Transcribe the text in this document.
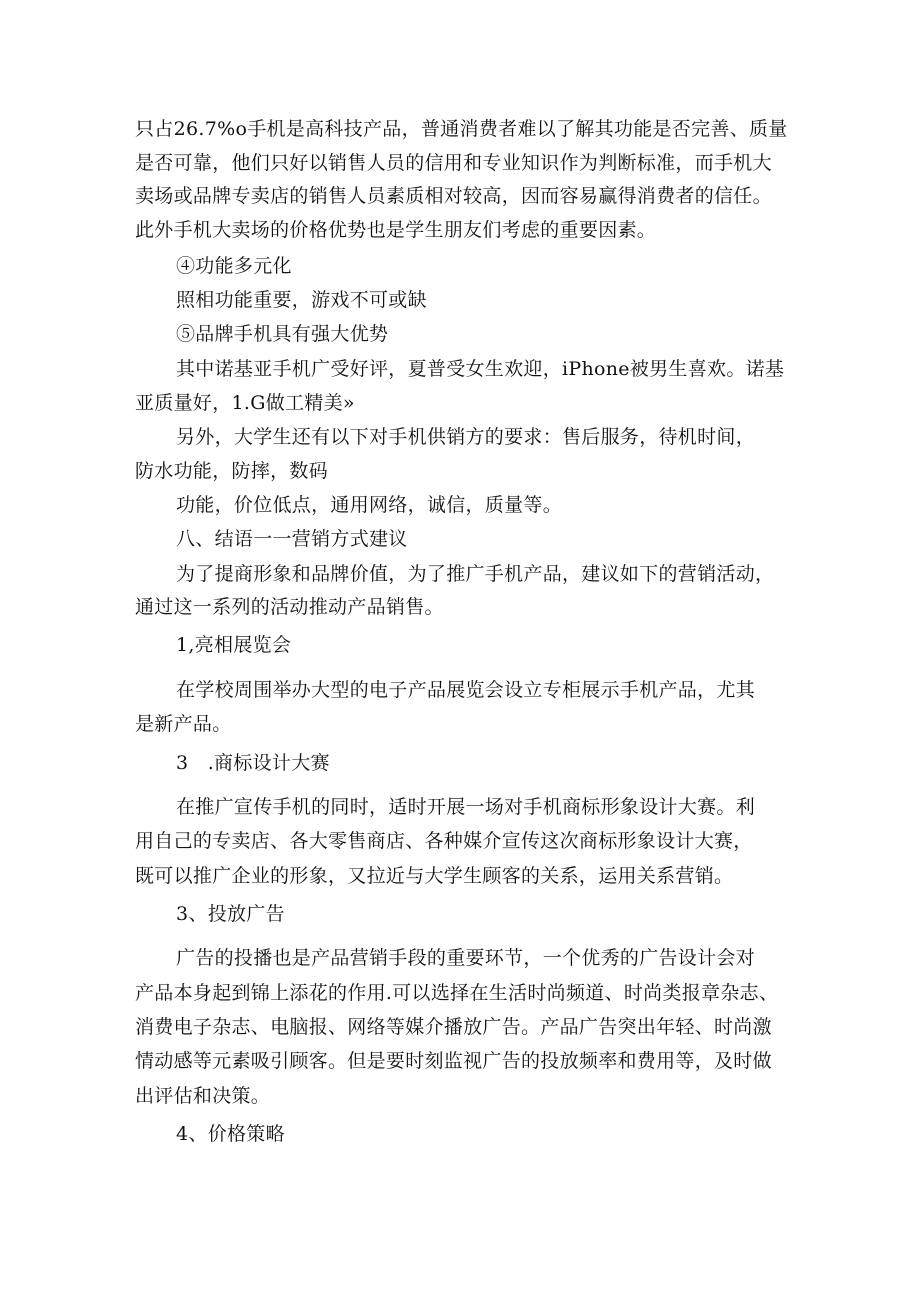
只占26.7%o手机是高科技产品，普通消费者难以了解其功能是否完善、质量
是否可靠，他们只好以销售人员的信用和专业知识作为判断标准，而手机大
卖场或品牌专卖店的销售人员素质相对较高，因而容易赢得消费者的信任。
此外手机大卖场的价格优势也是学生朋友们考虑的重要因素。
④功能多元化
照相功能重要，游戏不可或缺
⑤品牌手机具有强大优势
其中诺基亚手机广受好评，夏普受女生欢迎，iPhone被男生喜欢。诺基
亚质量好，1.G做工精美»
另外，大学生还有以下对手机供销方的要求：售后服务，待机时间，
防水功能，防摔，数码
功能，价位低点，通用网络，诚信，质量等。
八、结语一一营销方式建议
为了提商形象和品牌价值，为了推广手机产品，建议如下的营销活动，
通过这一系列的活动推动产品销售。
1,亮相展览会
在学校周围举办大型的电子产品展览会设立专柜展示手机产品，尤其
是新产品。
3　.商标设计大赛
在推广宣传手机的同时，适时开展一场对手机商标形象设计大赛。利
用自己的专卖店、各大零售商店、各种媒介宣传这次商标形象设计大赛，
既可以推广企业的形象，又拉近与大学生顾客的关系，运用关系营销。
3、投放广告
广告的投播也是产品营销手段的重要环节，一个优秀的广告设计会对
产品本身起到锦上添花的作用.可以选择在生活时尚频道、时尚类报章杂志、
消费电子杂志、电脑报、网络等媒介播放广告。产品广告突出年轻、时尚激
情动感等元素吸引顾客。但是要时刻监视广告的投放频率和费用等，及时做
出评估和决策。
4、价格策略
